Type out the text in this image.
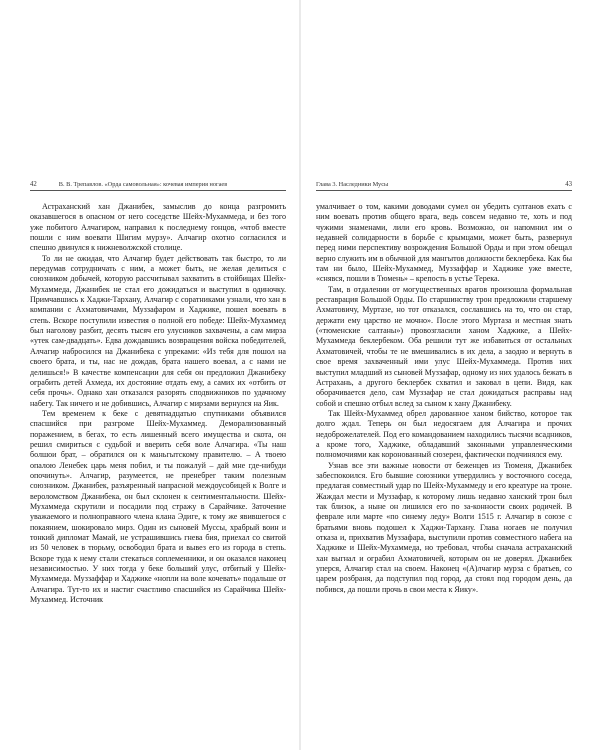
42	В. В. Трепавлов. «Орда самовольная»: кочевая империя ногаев

Астраханский хан Джанибек, замыслив до конца разгромить оказавшегося в опасном от него соседстве Шейх-Мухаммеда, и без того уже побитого Алчагиром, направил к последнему гонцов, «чтоб вместе пошли с ним воевати Шигим мурзу». Алчагир охотно согласился и спешно двинулся к нижневолжской столице.

То ли не ожидая, что Алчагир будет действовать так быстро, то ли передумав сотрудничать с ним, а может быть, не желая делиться с союзником добычей, которую рассчитывал захватить в стойбищах Шейх-Мухаммеда, Джанибек не стал его дожидаться и выступил в одиночку. Примчавшись к Хаджи-Тархану, Алчагир с соратниками узнали, что хан в компании с Ахматовичами, Муззафаром и Хаджике, пошел воевать в степь. Вскоре поступили известия о полной его победе: Шейх-Мухаммед был наголову разбит, десять тысяч его улусников захвачены, а сам мирза «утек сам-двадцать». Едва дождавшись возвращения войска победителей, Алчагир набросился на Джанибека с упреками: «Из тебя для пошол на своего брата, и ты, нас не дождав, брата нашего воевал, а с нами не делишься!» В качестве компенсации для себя он предложил Джанибеку ограбить детей Ахмеда, их достояние отдать ему, а самих их «отбить от себя прочь». Однако хан отказался разорять сподвижников по удачному набегу. Так ничего и не добившись, Алчагир с мирзами вернулся на Яик.

Тем временем к беке с девятнадцатью спутниками объявился спасшийся при разгроме Шейх-Мухаммед. Деморализованный поражением, в бегах, то есть лишенный всего имущества и скота, он решил смириться с судьбой и вверить себя воле Алчагира. «Ты наш болшои брат, – обратился он к маньгытскому правителю. – А твоею опалою Ленебек царь меня побил, и ты пожалуй – дай мне где-нибуди опочинуть». Алчагир, разумеется, не пренебрег таким полезным союзником. Джанибек, разъяренный напрасной междоусобицей к Волге и вероломством Джанибека, он был склонен к сентиментальности. Шейх-Мухаммеда скрутили и посадили под стражу в Сарайчике. Заточение уважаемого и полноправного члена клана Эдиге, к тому же явившегося с покаянием, шокировало мирз. Один из сыновей Муссы, храбрый воин и тонкий дипломат Мамай, не устрашившись гнева бия, приехал со свитой из 50 человек в тюрьму, освободил брата и вывез его из города в степь. Вскоре туда к нему стали стекаться соплеменники, и он оказался наконец независимостью. У них тогда у беке больший улус, отбитый у Шейх-Мухаммеда. Муззаффар и Хаджике «нопли на воле кочевать» подальше от Алчагира. Тут-то их и настиг счастливо спасшийся из Сарайчика Шейх-Мухаммед. Источник

Глава 3. Наследники Мусы	43

умалчивает о том, какими доводами сумел он убедить султанов ехать с ним воевать против общего врага, ведь совсем недавно те, хоть и под чужими знаменами, лили его кровь. Возможно, он напомнил им о недавней солидарности в борьбе с крымцами, может быть, развернул перед ними перспективу возрождения Большой Орды и при этом обещал верно служить им в обычной для мангытов должности беклербека. Как бы там ни было, Шейх-Мухаммед, Муззаффар и Хаджике уже вместе, «снявся, пошли в Тюмень» – крепость в устье Терека.

Там, в отдалении от могущественных врагов произошла формальная реставрация Большой Орды. По старшинству трон предложили старшему Ахматовичу, Муртазе, но тот отказался, сославшись на то, что он стар, держати ему царство не мочно». После этого Муртаза и местная знать («тюменские салтаны») провозгласили ханом Хаджике, а Шейх-Мухаммеда беклербеком. Оба решили тут же избавиться от остальных Ахматовичей, чтобы те не вмешивались в их дела, а заодно и вернуть в свое время захваченный ими улус Шейх-Мухаммеда. Против них выступил младший из сыновей Муззафар, одному из них удалось бежать в Астрахань, а другого беклербек схватил и заковал в цепи. Видя, как оборачивается дело, сам Муззафар не стал дожидаться расправы над собой и спешно отбыл вслед за сыном к хану Джанибеку.

Так Шейх-Мухаммед обрел дарованное ханом бийство, которое так долго ждал. Теперь он был недосягаем для Алчагира и прочих недоброжелателей. Под его командованием находились тысячи всадников, а кроме того, Хаджике, обладавший законными управленческими полномочиями как коронованный сюзерен, фактически подчинялся ему.

Узнав все эти важные новости от беженцев из Тюменя, Джанибек забеспокоился. Его бывшие союзники утвердились у восточного соседа, предлагая совместный удар по Шейх-Мухаммеду и его креатуре на троне. Жаждал мести и Муззафар, к которому лишь недавно ханский трон был так близок, а ныне он лишился его по за-конности своих родичей. В феврале или марте «по синему леду» Волги 1515 г. Алчагир в союзе с братьями вновь подошел к Хаджи-Тархану. Глава ногаев не получил отказа и, прихватив Муззафара, выступили против совместного набега на Хаджике и Шейх-Мухаммеда, но требовал, чтобы сначала астраханский хан выгнал и ограбил Ахматовичей, которым он не доверял. Джанибек уперся, Алчагир стал на своем. Наконец «(А)лчагир мурза с братьев, со царем розбраня, да подступил под город, да стоял под городом день, да побився, да пошли прочь в свои места к Яику».
